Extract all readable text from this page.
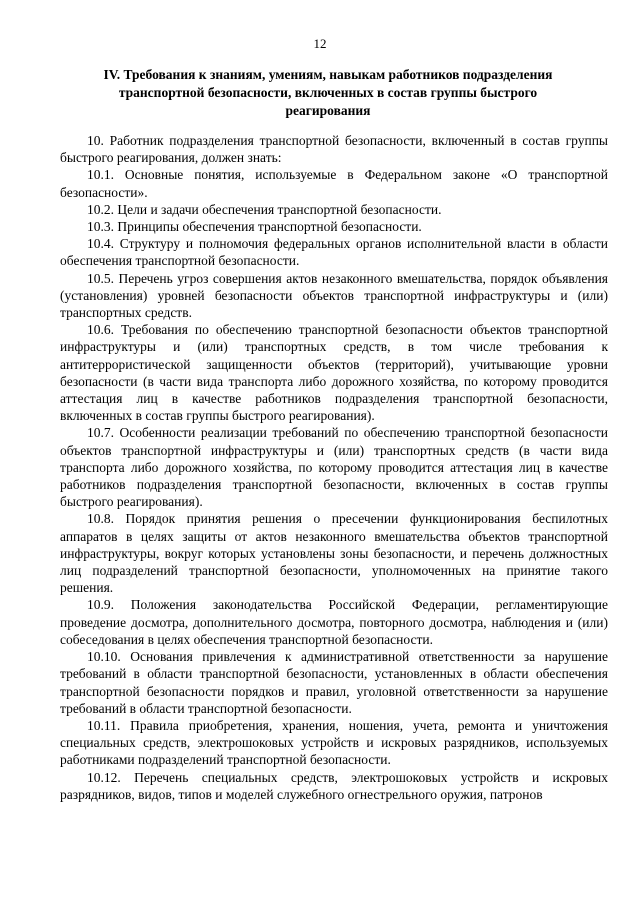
12
IV. Требования к знаниям, умениям, навыкам работников подразделения транспортной безопасности, включенных в состав группы быстрого реагирования

10. Работник подразделения транспортной безопасности, включенный в состав группы быстрого реагирования, должен знать:

10.1. Основные понятия, используемые в Федеральном законе «О транспортной безопасности».

10.2. Цели и задачи обеспечения транспортной безопасности.

10.3. Принципы обеспечения транспортной безопасности.

10.4. Структуру и полномочия федеральных органов исполнительной власти в области обеспечения транспортной безопасности.

10.5. Перечень угроз совершения актов незаконного вмешательства, порядок объявления (установления) уровней безопасности объектов транспортной инфраструктуры и (или) транспортных средств.

10.6. Требования по обеспечению транспортной безопасности объектов транспортной инфраструктуры и (или) транспортных средств, в том числе требования к антитеррористической защищенности объектов (территорий), учитывающие уровни безопасности (в части вида транспорта либо дорожного хозяйства, по которому проводится аттестация лиц в качестве работников подразделения транспортной безопасности, включенных в состав группы быстрого реагирования).

10.7. Особенности реализации требований по обеспечению транспортной безопасности объектов транспортной инфраструктуры и (или) транспортных средств (в части вида транспорта либо дорожного хозяйства, по которому проводится аттестация лиц в качестве работников подразделения транспортной безопасности, включенных в состав группы быстрого реагирования).

10.8. Порядок принятия решения о пресечении функционирования беспилотных аппаратов в целях защиты от актов незаконного вмешательства объектов транспортной инфраструктуры, вокруг которых установлены зоны безопасности, и перечень должностных лиц подразделений транспортной безопасности, уполномоченных на принятие такого решения.

10.9. Положения законодательства Российской Федерации, регламентирующие проведение досмотра, дополнительного досмотра, повторного досмотра, наблюдения и (или) собеседования в целях обеспечения транспортной безопасности.

10.10. Основания привлечения к административной ответственности за нарушение требований в области транспортной безопасности, установленных в области обеспечения транспортной безопасности порядков и правил, уголовной ответственности за нарушение требований в области транспортной безопасности.

10.11. Правила приобретения, хранения, ношения, учета, ремонта и уничтожения специальных средств, электрошоковых устройств и искровых разрядников, используемых работниками подразделений транспортной безопасности.

10.12. Перечень специальных средств, электрошоковых устройств и искровых разрядников, видов, типов и моделей служебного огнестрельного оружия, патронов
